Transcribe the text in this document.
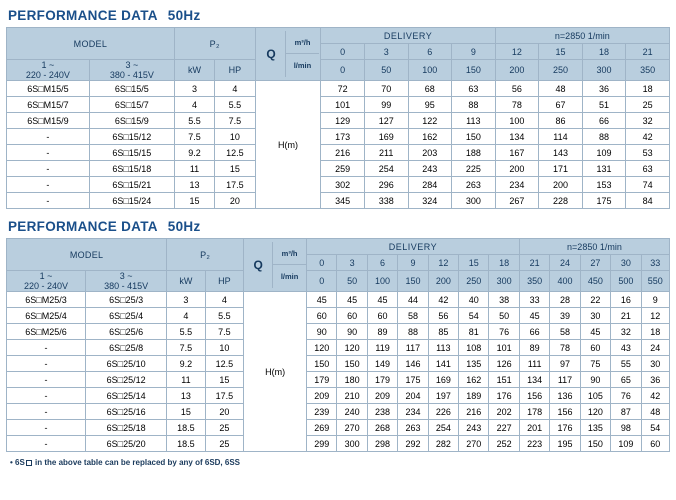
PERFORMANCE DATA 50Hz
MODEL		P₂		Q
m³/h
l/min	DELIVERY				n=2850 1/min			
					0	3	6	9	12	15	18	21

1 ~
220 - 240V

3 ~
380 - 415V	kW	HP	0	50	100	150	200	250	300	350
6S□M15/5	6S□15/5	3	4	H(m)	72	70	68	63	56	48	36	18
6S□M15/7	6S□15/7	4	5.5		101	99	95	88	78	67	51	25
6S□M15/9	6S□15/9	5.5	7.5		129	127	122	113	100	86	66	32
-	6S□15/12	7.5	10		173	169	162	150	134	114	88	42
-	6S□15/15	9.2	12.5		216	211	203	188	167	143	109	53
-	6S□15/18	11	15		259	254	243	225	200	171	131	63
-	6S□15/21	13	17.5		302	296	284	263	234	200	153	74
-	6S□15/24	15	20		345	338	324	300	267	228	175	84
PERFORMANCE DATA 50Hz
MODEL		P₂		Q
m³/h
l/min	DELIVERY							n=2850 1/min				
					0	3	6	9	12	15	18	21	24	27	30	33

1 ~
220 - 240V

3 ~
380 - 415V	kW	HP	0	50	100	150	200	250	300	350	400	450	500	550
6S□M25/3	6S□25/3	3	4	H(m)	45	45	45	44	42	40	38	33	28	22	16	9
6S□M25/4	6S□25/4	4	5.5		60	60	60	58	56	54	50	45	39	30	21	12
6S□M25/6	6S□25/6	5.5	7.5		90	90	89	88	85	81	76	66	58	45	32	18
-	6S□25/8	7.5	10		120	120	119	117	113	108	101	89	78	60	43	24
-	6S□25/10	9.2	12.5		150	150	149	146	141	135	126	111	97	75	55	30
-	6S□25/12	11	15		179	180	179	175	169	162	151	134	117	90	65	36
-	6S□25/14	13	17.5		209	210	209	204	197	189	176	156	136	105	76	42
-	6S□25/16	15	20		239	240	238	234	226	216	202	178	156	120	87	48
-	6S□25/18	18.5	25		269	270	268	263	254	243	227	201	176	135	98	54
-	6S□25/20	18.5	25		299	300	298	292	282	270	252	223	195	150	109	60
• 6S in the above table can be replaced by any of 6SD, 6SS
